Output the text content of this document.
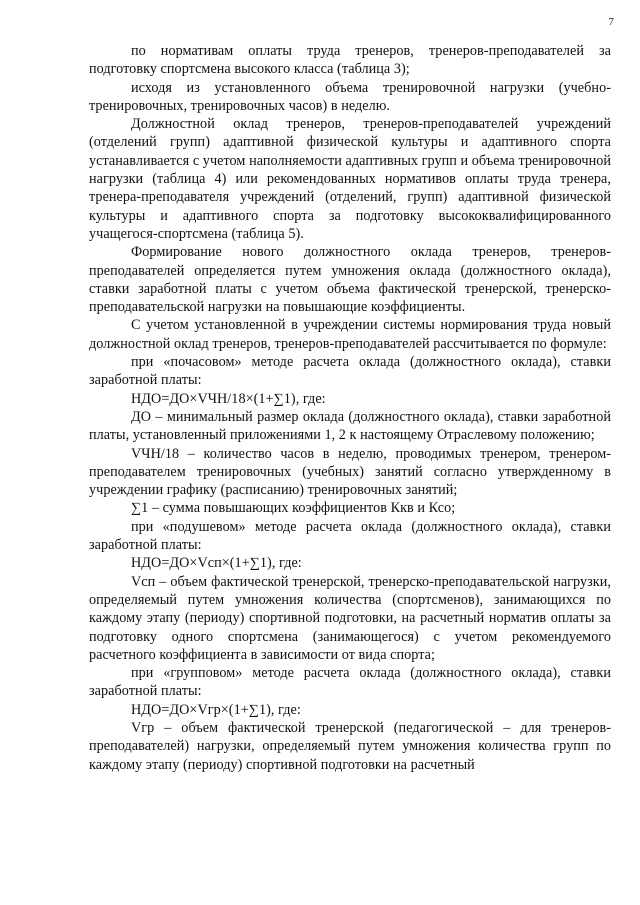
7

по нормативам оплаты труда тренеров, тренеров-преподавателей за подготовку спортсмена высокого класса (таблица 3);

исходя из установленного объема тренировочной нагрузки (учебно-тренировочных, тренировочных часов) в неделю.

Должностной оклад тренеров, тренеров-преподавателей учреждений (отделений групп) адаптивной физической культуры и адаптивного спорта устанавливается с учетом наполняемости адаптивных групп и объема тренировочной нагрузки (таблица 4) или рекомендованных нормативов оплаты труда тренера, тренера-преподавателя учреждений (отделений, групп) адаптивной физической культуры и адаптивного спорта за подготовку высококвалифицированного учащегося-спортсмена (таблица 5).

Формирование нового должностного оклада тренеров, тренеров-преподавателей определяется путем умножения оклада (должностного оклада), ставки заработной платы с учетом объема фактической тренерской, тренерско-преподавательской нагрузки на повышающие коэффициенты.

С учетом установленной в учреждении системы нормирования труда новый должностной оклад тренеров, тренеров-преподавателей рассчитывается по формуле:

при «почасовом» методе расчета оклада (должностного оклада), ставки заработной платы:

НДО=ДО×VЧН/18×(1+∑1), где:

ДО – минимальный размер оклада (должностного оклада), ставки заработной платы, установленный приложениями 1, 2 к настоящему Отраслевому положению;

VЧН/18 – количество часов в неделю, проводимых тренером, тренером-преподавателем тренировочных (учебных) занятий согласно утвержденному в учреждении графику (расписанию) тренировочных занятий;

∑1 – сумма повышающих коэффициентов Ккв и Ксо;

при «подушевом» методе расчета оклада (должностного оклада), ставки заработной платы:

НДО=ДО×Vсп×(1+∑1), где:

Vсп – объем фактической тренерской, тренерско-преподавательской нагрузки, определяемый путем умножения количества (спортсменов), занимающихся по каждому этапу (периоду) спортивной подготовки, на расчетный норматив оплаты за подготовку одного спортсмена (занимающегося) с учетом рекомендуемого расчетного коэффициента в зависимости от вида спорта;

при «групповом» методе расчета оклада (должностного оклада), ставки заработной платы:

НДО=ДО×Vгр×(1+∑1), где:

Vгр – объем фактической тренерской (педагогической – для тренеров-преподавателей) нагрузки, определяемый путем умножения количества групп по каждому этапу (периоду) спортивной подготовки на расчетный
